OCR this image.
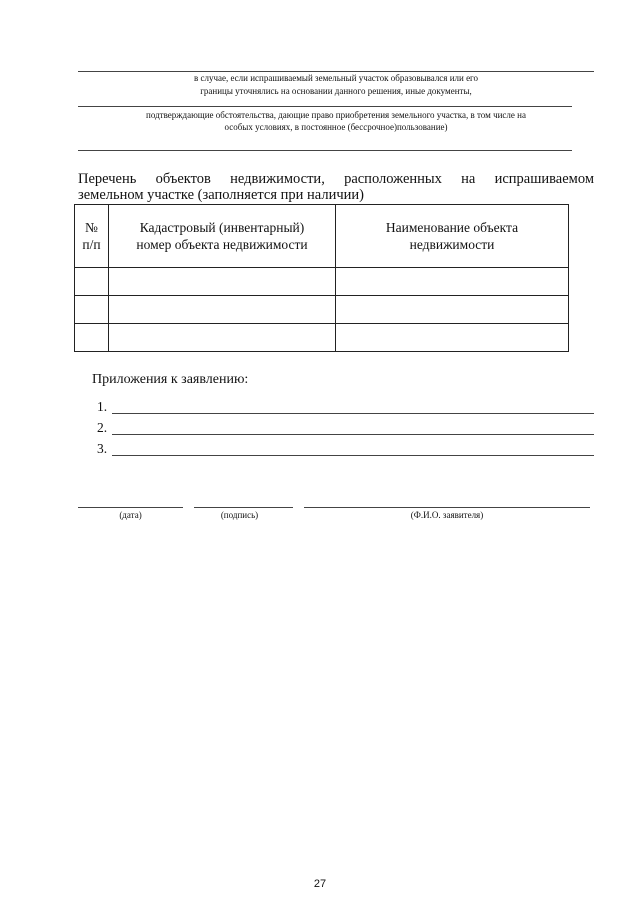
в случае, если испрашиваемый земельный участок образовывался или его
границы уточнялись на основании данного решения, иные документы,
подтверждающие обстоятельства, дающие право приобретения земельного участка, в том числе на
особых условиях, в постоянное (бессрочное)пользование)
Перечень объектов недвижимости, расположенных на испрашиваемом
земельном участке (заполняется при наличии)
№ п/п	Кадастровый (инвентарный) номер объекта недвижимости	Наименование объекта недвижимости

Приложения к заявлению:
1.
2.
3.
(дата)	(подпись)	(Ф.И.О. заявителя)
27
